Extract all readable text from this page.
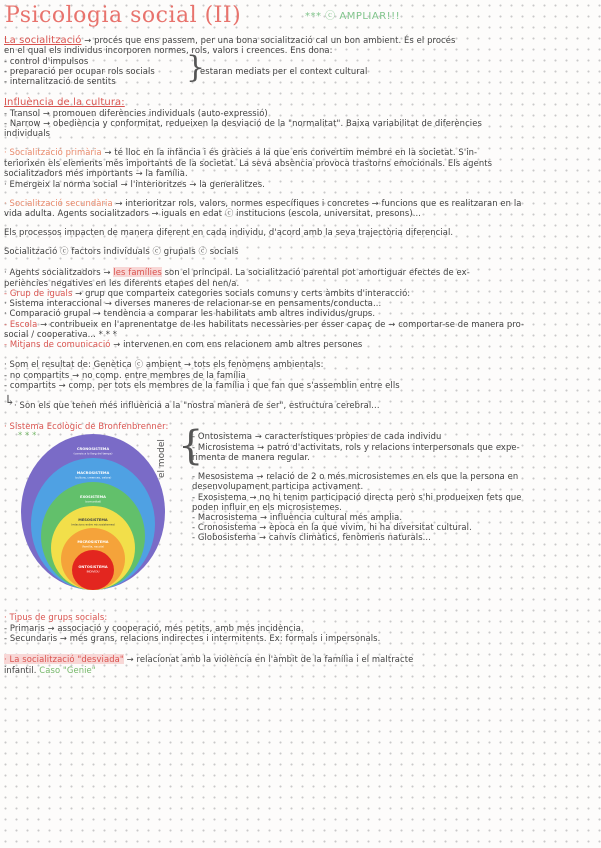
Psicologia social (II)	*** ⓒ AMPLIAR!!!
La socialització → procés que ens passem, per una bona socialització cal un bon ambient. És el procés
en el qual els individus incorporen normes, rols, valors i creences. Ens dona:
- control d'impulsos
- preparació per ocupar rols socials
- internalització de sentits }
estaran mediats per el context cultural
Influència de la cultura:
- Transol → promouen diferències individuals (auto-expressió)
- Narrow → obediència y conformitat, redueixen la desviació de la "normalitat". Baixa variabilitat de diferències
individuals
· Socialització primària → té lloc en la infància i és gràcies a la que ens convertim membre en la societat. S'in-
teriorixen els elements més importants de la societat. La seva absència provoca trastorns emocionals. Els agents
socialitzadors més importants → la família.
· Emergeix la norma social → l'interioritzes → la generalitzes.
· Socialització secundària → interioritzar rols, valors, normes específiques i concretes → funcions que es realitzaran en la
vida adulta. Agents socialitzadors → iguals en edat ⓒ institucions (escola, universitat, presons)...
Els processos impacten de manera diferent en cada individu, d'acord amb la seva trajectòria diferencial.
Socialització ⓒ factors individuals ⓒ grupals ⓒ socials
· Agents socialitzadors → les famílies son el principal. La socialització parental pot amortiguar efectes de ex-
periències negatives en les diferents etapes del nen/a.
- Grup de iguals → grup que comparteix categories socials comuns y certs àmbits d'interacció:
· Sistema interaccional → diverses maneres de relacionar-se en pensaments/conducta...
· Comparació grupal → tendència a comparar les habilitats amb altres individus/grups.
- Escola → contribueix en l'aprenentatge de les habilitats necessàries per ésser capaç de → comportar-se de manera pro-
social / cooperativa... * * *
- Mitjans de comunicació → intervenen en com ens relacionem amb altres persones
· Som el resultat de: Genètica ⓒ ambient → tots els fenòmens ambientals:
- no compartits → no comp. entre membres de la família
- compartits → comp. per tots els membres de la família i que fan que s'assemblin entre ells
↳
· Son els que tenen més influència a la "nostra manera de ser", estructura cerebral...
· Sistema Ecològic de Bronfenbrenner:
* * *
CRONOSISTEMA
(canvis a lo llarg del temps)
MACROSISTEMA
(cultura, creences, valors)
EXOSISTEMA
(comunitat)
MESOSISTEMA
(relacions entre microsistemes)
MICROSISTEMA
(família, escola)
ONTOSISTEMA
INDIVIDU
{
- Ontosistema → característiques pròpies de cada individu
- Microsistema → patró d'activitats, rols y relacions interpersonals que expe-
rimenta de manera regular.
el model	- Mesosistema → relació de 2 o més microsistemes en els que la persona en
desenvolupament participa activament.
- Exosistema → no hi tenim participació directa però s'hi produeixen fets que
poden influir en els microsistemes.
- Macrosistema → influència cultural més amplia.
- Cronosistema → època en la que vivim, hi ha diversitat cultural.
- Globosistema → canvis climàtics, fenòmens naturals...
· Tipus de grups socials:
- Primaris → associació y cooperació, més petits, amb més incidència.
- Secundaris → més grans, relacions indirectes i intermitents. Ex: formals i impersonals.
· La socialització "desviada" → relacionat amb la violència en l'àmbit de la família i el maltracte
infantil. Caso "Genie"
